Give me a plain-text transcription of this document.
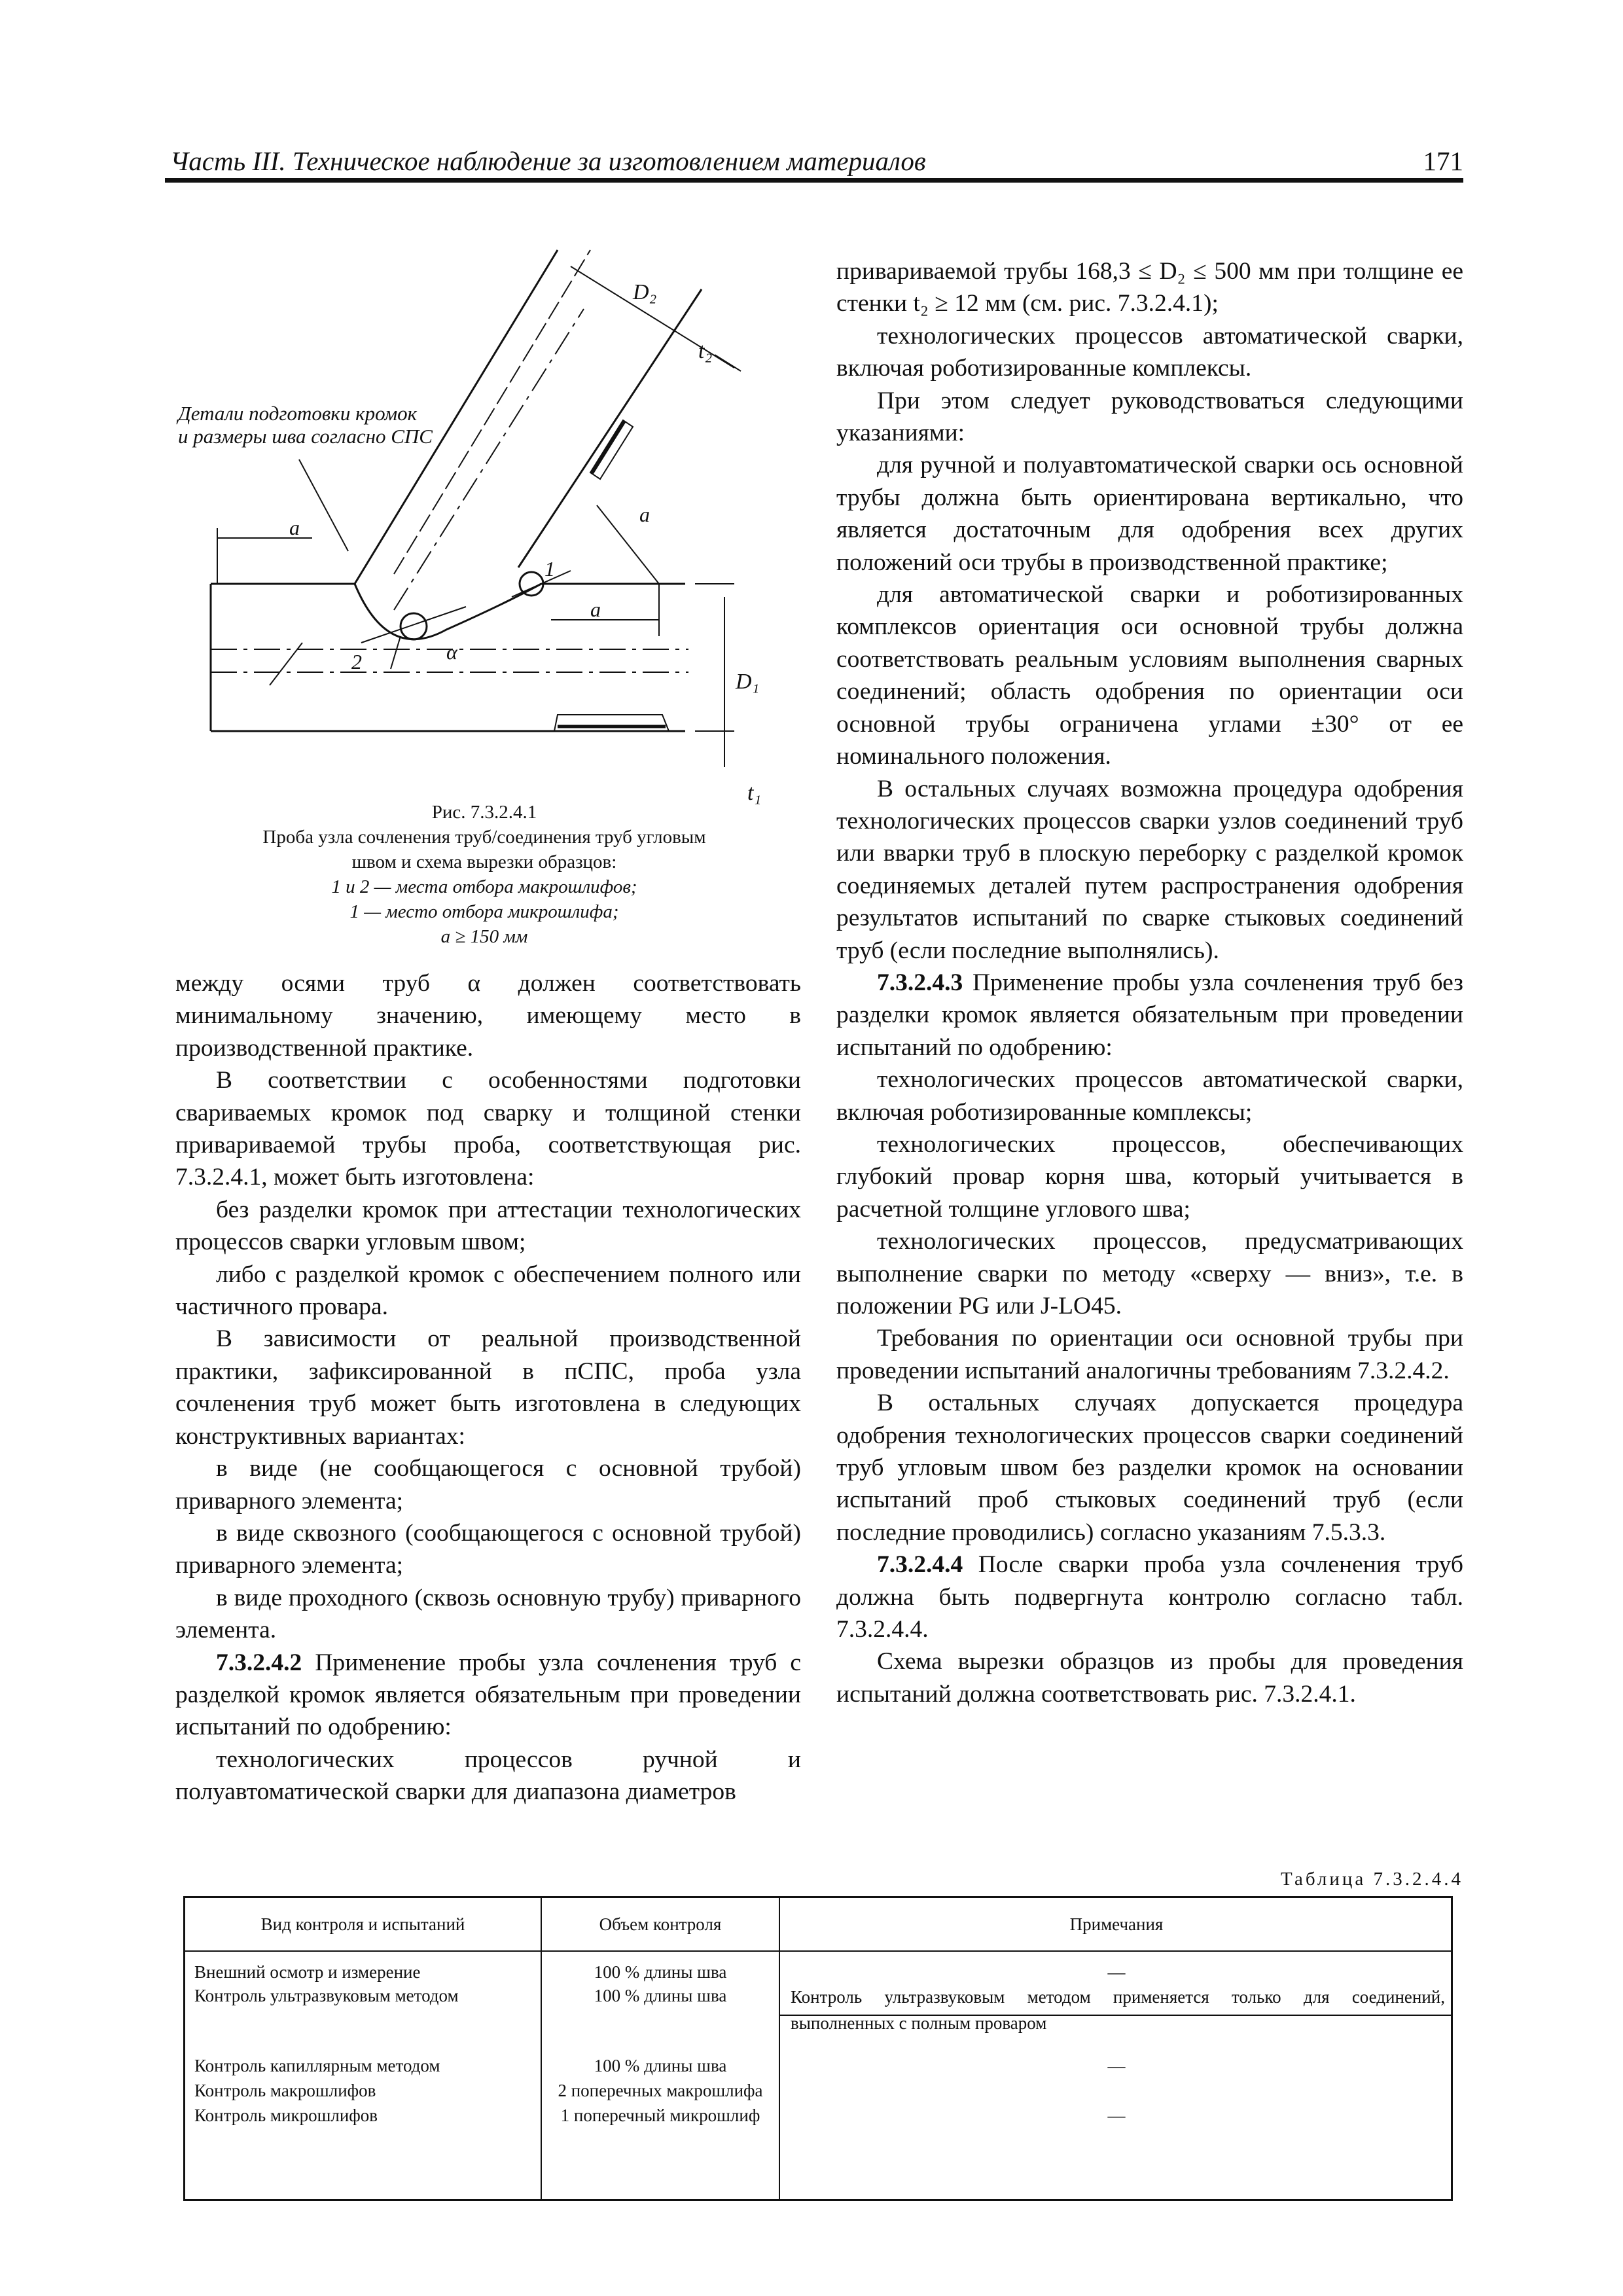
Часть III. Техническое наблюдение за изготовлением материалов	171
Детали подготовки кромок
и размеры шва согласно СПС
D₂
t₂
a
a
a
1
2	α
D₁
t₁
Рис. 7.3.2.4.1
Проба узла сочленения труб/соединения труб угловым
швом и схема вырезки образцов:
1 и 2 — места отбора макрошлифов;
1 — место отбора микрошлифа;
a ≥ 150 мм

между осями труб α должен соответствовать минимальному значению, имеющему место в производственной практике.

В соответствии с особенностями подготовки свариваемых кромок под сварку и толщиной стенки привариваемой трубы проба, соответствующая рис. 7.3.2.4.1, может быть изготовлена:

без разделки кромок при аттестации технологических процессов сварки угловым швом;

либо с разделкой кромок с обеспечением полного или частичного провара.

В зависимости от реальной производственной практики, зафиксированной в пСПС, проба узла сочленения труб может быть изготовлена в следующих конструктивных вариантах:

в виде (не сообщающегося с основной трубой) приварного элемента;

в виде сквозного (сообщающегося с основной трубой) приварного элемента;

в виде проходного (сквозь основную трубу) приварного элемента.

7.3.2.4.2 Применение пробы узла сочленения труб с разделкой кромок является обязательным при проведении испытаний по одобрению:

технологических процессов ручной и полуавтоматической сварки для диапазона диаметров

привариваемой трубы 168,3 ≤ D₂ ≤ 500 мм при толщине ее стенки t₂ ≥ 12 мм (см. рис. 7.3.2.4.1);

технологических процессов автоматической сварки, включая роботизированные комплексы.

При этом следует руководствоваться следующими указаниями:

для ручной и полуавтоматической сварки ось основной трубы должна быть ориентирована вертикально, что является достаточным для одобрения всех других положений оси трубы в производственной практике;

для автоматической сварки и роботизированных комплексов ориентация оси основной трубы должна соответствовать реальным условиям выполнения сварных соединений; область одобрения по ориентации оси основной трубы ограничена углами ±30° от ее номинального положения.

В остальных случаях возможна процедура одобрения технологических процессов сварки узлов соединений труб или вварки труб в плоскую переборку с разделкой кромок соединяемых деталей путем распространения одобрения результатов испытаний по сварке стыковых соединений труб (если последние выполнялись).

7.3.2.4.3 Применение пробы узла сочленения труб без разделки кромок является обязательным при проведении испытаний по одобрению:

технологических процессов автоматической сварки, включая роботизированные комплексы;

технологических процессов, обеспечивающих глубокий провар корня шва, который учитывается в расчетной толщине углового шва;

технологических процессов, предусматривающих выполнение сварки по методу «сверху — вниз», т.е. в положении PG или J-LO45.

Требования по ориентации оси основной трубы при проведении испытаний аналогичны требованиям 7.3.2.4.2.

В остальных случаях допускается процедура одобрения технологических процессов сварки соединений труб угловым швом без разделки кромок на основании испытаний проб стыковых соединений труб (если последние проводились) согласно указаниям 7.5.3.3.

7.3.2.4.4 После сварки проба узла сочленения труб должна быть подвергнута контролю согласно табл. 7.3.2.4.4.

Схема вырезки образцов из пробы для проведения испытаний должна соответствовать рис. 7.3.2.4.1.

Таблица 7.3.2.4.4
Вид контроля и испытаний	Объем контроля	Примечания
Внешний осмотр и измерение	100 % длины шва	—
Контроль ультразвуковым методом	100 % длины шва	Контроль ультразвуковым методом применяется только для соединений, выполненных с полным проваром
Контроль капиллярным методом	100 % длины шва	—
Контроль макрошлифов	2 поперечных макрошлифа
Контроль микрошлифов	1 поперечный микрошлиф	—
